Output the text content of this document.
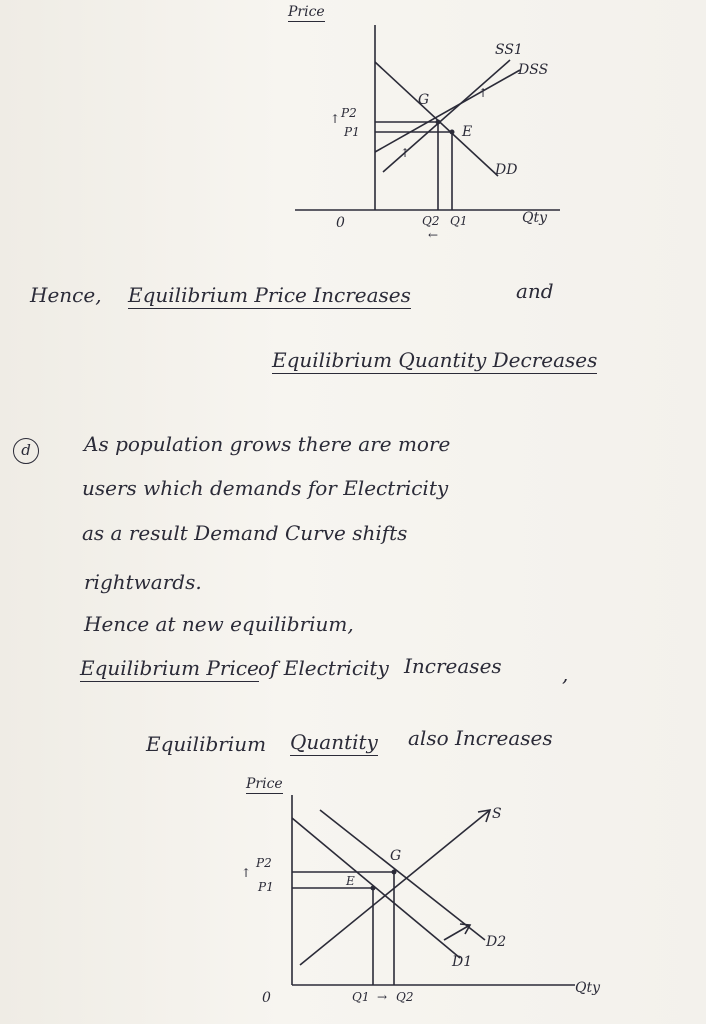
Price
Qty
0
SS1
DSS
DD
P2
P1
↑
Q2 Q1
←
G
E
↑
↑
Hence, Equilibrium Price Increases	and
Equilibrium Quantity Decreases
d	As population grows there are more
users which demands for Electricity
as a result Demand Curve shifts
rightwards.
Hence at new equilibrium,
Equilibrium Price of Electricity Increases	,
Equilibrium Quantity also Increases
Price
Qty
0
S
D1
D2
P2
P1
↑
Q1 → Q2
G
E
